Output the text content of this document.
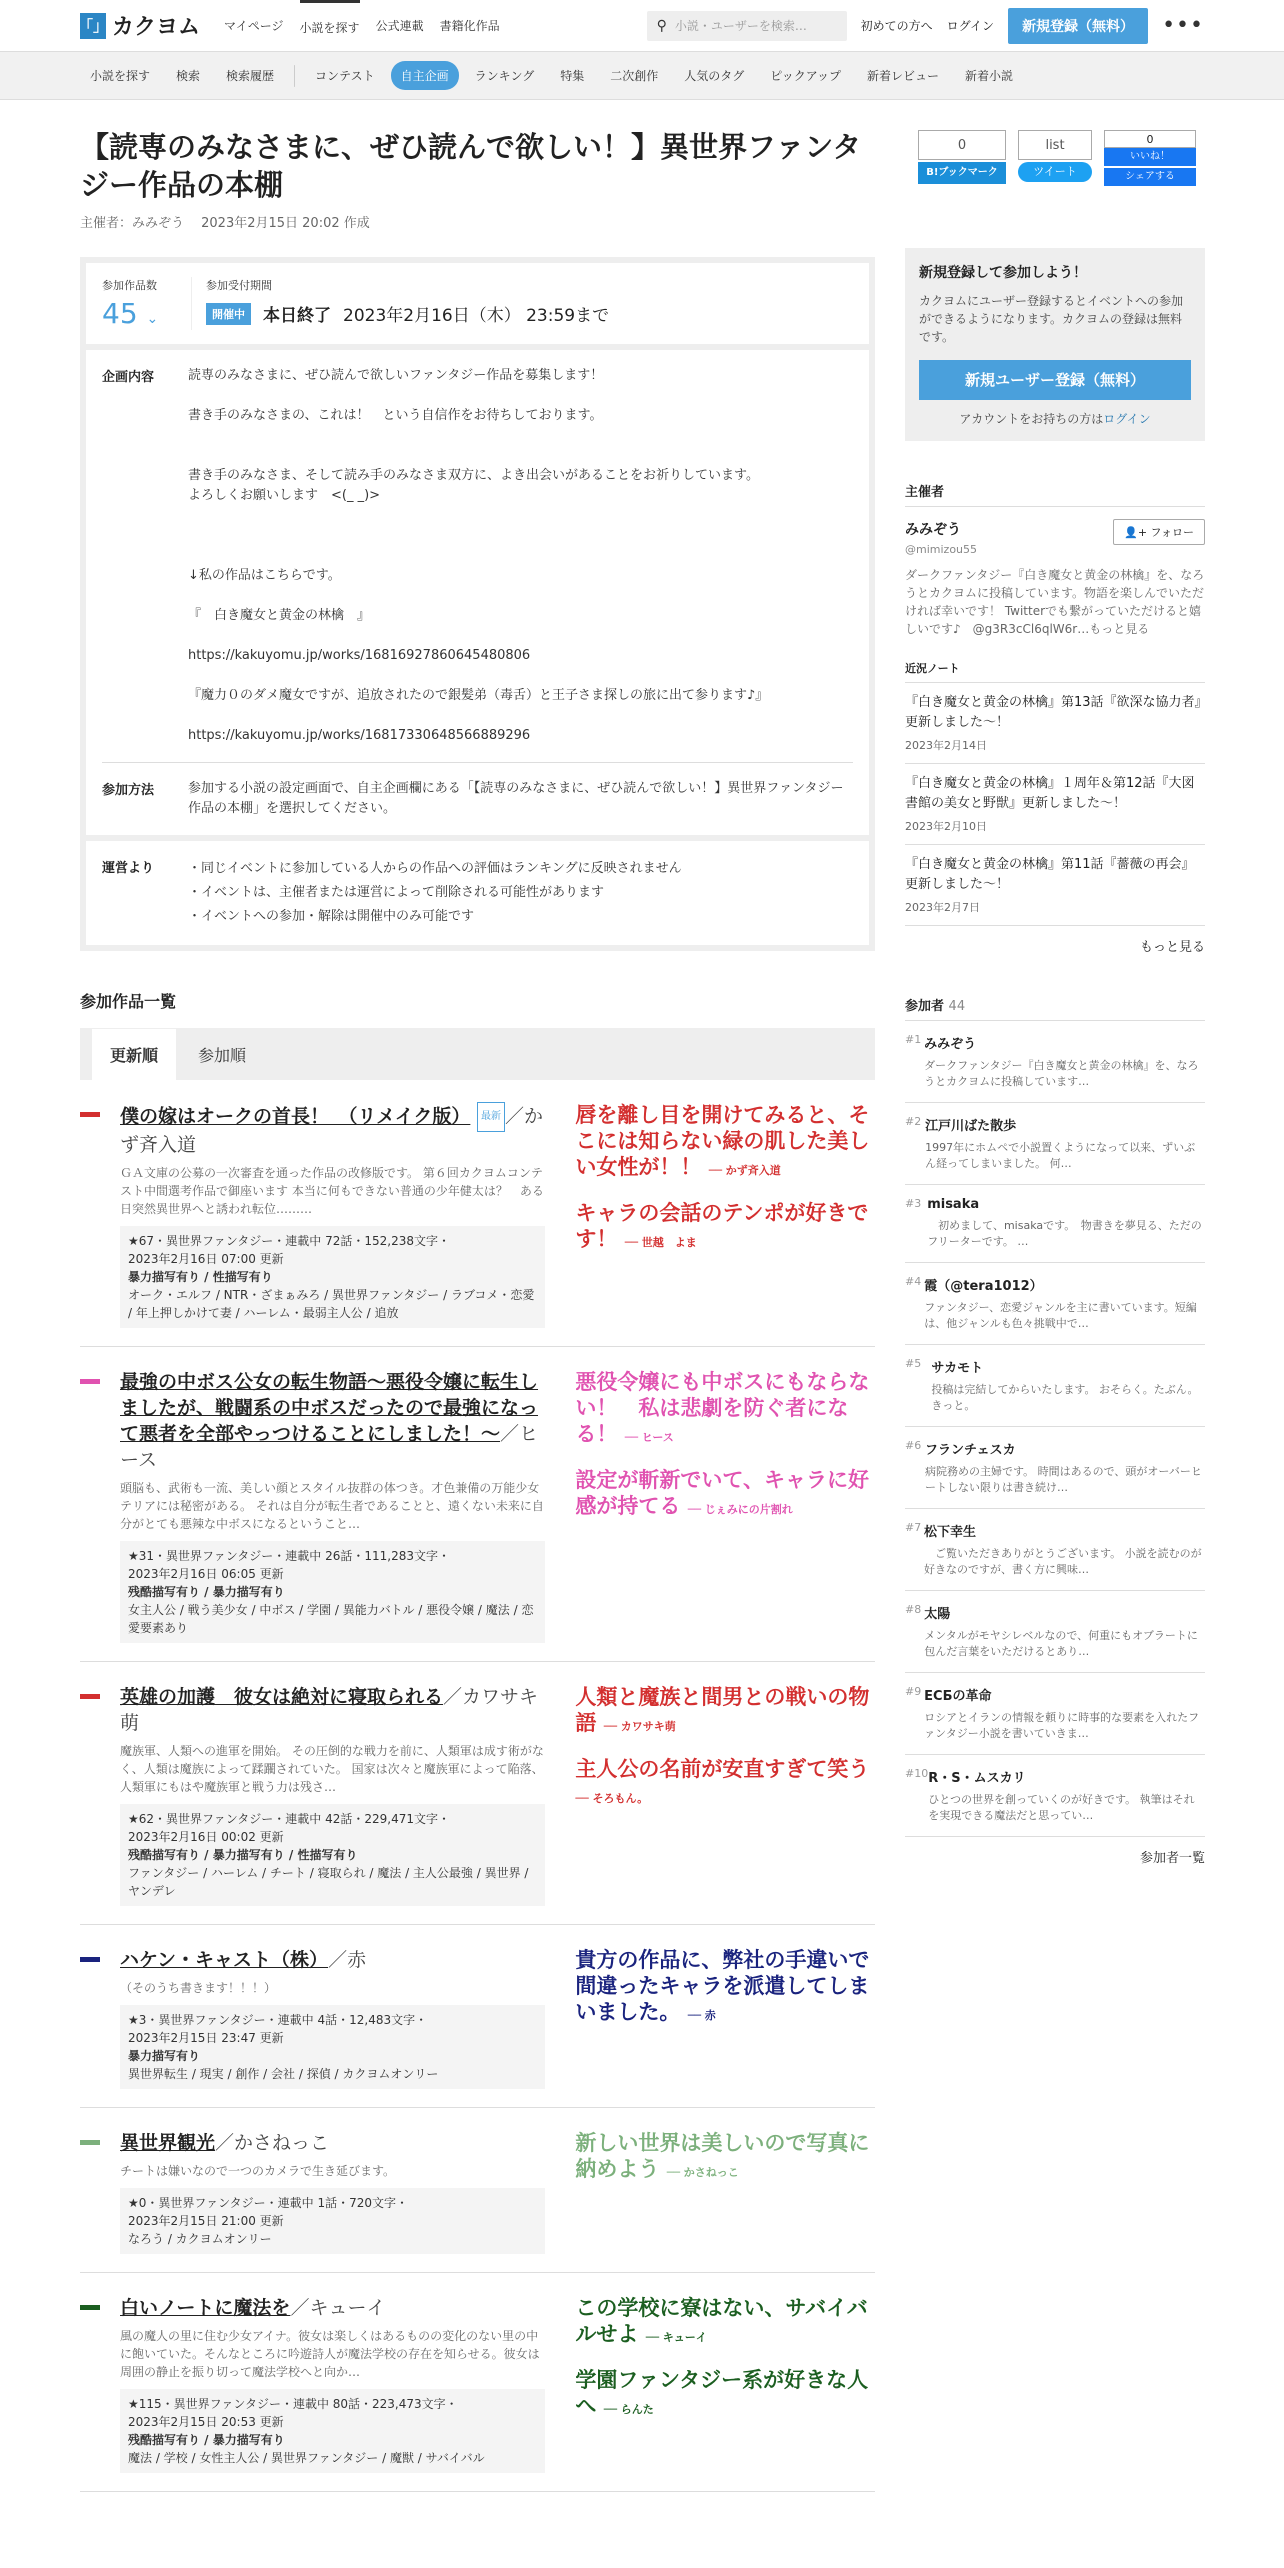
「」 カクヨム マイページ 小説を探す 公式連載 書籍化作品	⚲ 小説・ユーザーを検索…	初めての方へ ログイン	新規登録（無料）	•••
小説を探す	検索	検索履歴	コンテスト	自主企画	ランキング	特集	二次創作	人気のタグ	ピックアップ	新着レビュー	新着小説
0
B!ブックマーク
list
ツイート
0
いいね！
シェアする
【読専のみなさまに、ぜひ読んで欲しい！】異世界ファンタジー作品の本棚
主催者：みみぞう　 2023年2月15日 20:02 作成
参加作品数
45 ⌄
参加受付期間
開催中	本日終了 2023年2月16日（木） 23:59まで
企画内容	読専のみなさまに、ぜひ読んで欲しいファンタジー作品を募集します！

書き手のみなさまの、これは！　という自信作をお待ちしております。

書き手のみなさま、そして読み手のみなさま双方に、よき出会いがあることをお祈りしています。

よろしくお願いします　<(_ _)>

↓私の作品はこちらです。

『　白き魔女と黄金の林檎　』

https://kakuyomu.jp/works/16816927860645480806

『魔力０のダメ魔女ですが、追放されたので銀髪弟（毒舌）と王子さま探しの旅に出て参ります♪』

https://kakuyomu.jp/works/16817330648566889296

参加方法	参加する小説の設定画面で、自主企画欄にある「【読専のみなさまに、ぜひ読んで欲しい！】異世界ファンタジー作品の本棚」を選択してください。

運営より	・同じイベントに参加している人からの作品への評価はランキングに反映されません
・イベントは、主催者または運営によって削除される可能性があります
・イベントへの参加・解除は開催中のみ可能です
参加作品一覧
更新順	参加順
僕の嫁はオークの首長！　（リメイク版） 最新 ／かず斉入道
ＧＡ文庫の公募の一次審査を通った作品の改修版です。 第６回カクヨムコンテスト中間選考作品で御座います 本当に何もできない普通の少年健太は？　ある日突然異世界へと誘われ転位………
★67・異世界ファンタジー・連載中 72話・152,238文字・
2023年2月16日 07:00 更新
暴力描写有り / 性描写有り
オーク・エルフ / NTR・ざまぁみろ / 異世界ファンタジー / ラブコメ・恋愛 / 年上押しかけて妻 / ハーレム・最弱主人公 / 追放
唇を離し目を開けてみると、そこには知らない緑の肌した美しい女性が！！ ── かず斉入道
キャラの会話のテンポが好きです！ ── 世越　よま
最強の中ボス公女の転生物語～悪役令嬢に転生しましたが、戦闘系の中ボスだったので最強になって悪者を全部やっつけることにしました！～／ヒース
頭脳も、武術も一流、美しい顔とスタイル抜群の体つき。才色兼備の万能少女テリアには秘密がある。 それは自分が転生者であることと、遠くない未来に自分がとても悪辣な中ボスになるということ…
★31・異世界ファンタジー・連載中 26話・111,283文字・
2023年2月16日 06:05 更新
残酷描写有り / 暴力描写有り
女主人公 / 戦う美少女 / 中ボス / 学園 / 異能力バトル / 悪役令嬢 / 魔法 / 恋愛要素あり
悪役令嬢にも中ボスにもならない！　私は悲劇を防ぐ者になる！ ── ヒース
設定が斬新でいて、キャラに好感が持てる ── じぇみにの片割れ
英雄の加護　彼女は絶対に寝取られる／カワサキ萌
魔族軍、人類への進軍を開始。 その圧倒的な戦力を前に、人類軍は成す術がなく、人類は魔族によって蹂躙されていた。 国家は次々と魔族軍によって陥落、人類軍にもはや魔族軍と戦う力は残さ…
★62・異世界ファンタジー・連載中 42話・229,471文字・
2023年2月16日 00:02 更新
残酷描写有り / 暴力描写有り / 性描写有り
ファンタジー / ハーレム / チート / 寝取られ / 魔法 / 主人公最強 / 異世界 / ヤンデレ
人類と魔族と間男との戦いの物語 ── カワサキ萌
主人公の名前が安直すぎて笑う ── そろもん。
ハケン・キャスト（株）／赤
（そのうち書きます！！！）
★3・異世界ファンタジー・連載中 4話・12,483文字・
2023年2月15日 23:47 更新
暴力描写有り
異世界転生 / 現実 / 創作 / 会社 / 探偵 / カクヨムオンリー
貴方の作品に、弊社の手違いで間違ったキャラを派遣してしまいました。 ── 赤
異世界観光／かさねっこ
チートは嫌いなので一つのカメラで生き延びます。
★0・異世界ファンタジー・連載中 1話・720文字・
2023年2月15日 21:00 更新
なろう / カクヨムオンリー
新しい世界は美しいので写真に納めよう ── かさねっこ
白いノートに魔法を／キューイ
風の魔人の里に住む少女アイナ。彼女は楽しくはあるものの変化のない里の中に飽いていた。そんなところに吟遊詩人が魔法学校の存在を知らせる。彼女は周囲の静止を振り切って魔法学校へと向か…
★115・異世界ファンタジー・連載中 80話・223,473文字・
2023年2月15日 20:53 更新
残酷描写有り / 暴力描写有り
魔法 / 学校 / 女性主人公 / 異世界ファンタジー / 魔獣 / サバイバル
この学校に寮はない、サバイバルせよ ── キューイ
学園ファンタジー系が好きな人へ ── らんた
新規登録して参加しよう！

カクヨムにユーザー登録するとイベントへの参加ができるようになります。カクヨムの登録は無料です。

新規ユーザー登録（無料）
アカウントをお持ちの方はログイン
主催者
みみぞう
@mimizou55
👤+ フォロー
ダークファンタジー『白き魔女と黄金の林檎』を、なろうとカクヨムに投稿しています。物語を楽しんでいただければ幸いです！ Twitterでも繋がっていただけると嬉しいです♪　@g3R3cCl6qlW6r…もっと見る
近況ノート
『白き魔女と黄金の林檎』第13話『欲深な協力者』更新しました～！
2023年2月14日
『白き魔女と黄金の林檎』１周年＆第12話『大図書館の美女と野獣』更新しました～！
2023年2月10日
『白き魔女と黄金の林檎』第11話『薔薇の再会』更新しました～！
2023年2月7日
もっと見る
参加者 44
#1 みみぞう
ダークファンタジー『白き魔女と黄金の林檎』を、なろうとカクヨムに投稿しています…
#2 江戸川ばた散歩
1997年にホムペで小説置くようになって以来、ずいぶん経ってしまいました。 何…
#3 misaka
　初めまして、misakaです。　物書きを夢見る、ただのフリーターです。 …
#4 霞（@tera1012）
ファンタジー、恋愛ジャンルを主に書いています。短編は、他ジャンルも色々挑戦中で…
#5 サカモト
投稿は完結してからいたします。 おそらく。たぶん。きっと。
#6 フランチェスカ
病院務めの主婦です。 時間はあるので、頭がオーバーヒートしない限りは書き続け…
#7 松下幸生
　ご覧いただきありがとうございます。 小説を読むのが好きなのですが、書く方に興味…
#8 太陽
メンタルがモヤシレベルなので、何重にもオブラートに包んだ言葉をいただけるとあり…
#9 ECБの革命
ロシアとイランの情報を頼りに時事的な要素を入れたファンタジー小説を書いていきま…
#10 R・S・ムスカリ
ひとつの世界を創っていくのが好きです。 執筆はそれを実現できる魔法だと思ってい…
参加者一覧
